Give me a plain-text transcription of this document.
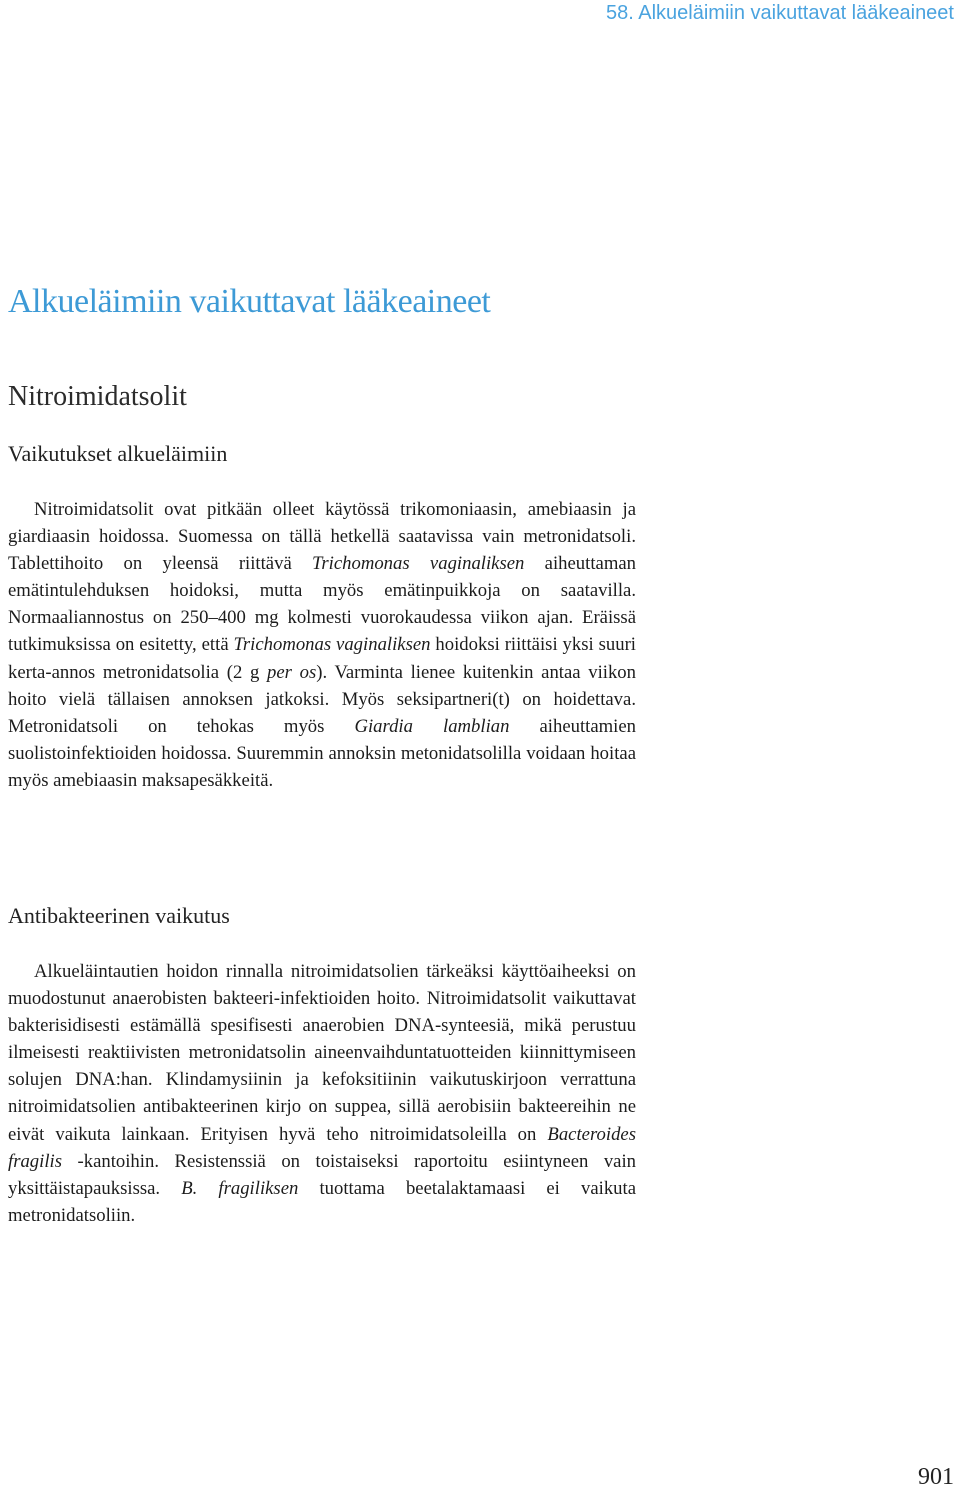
58. Alkueläimiin vaikuttavat lääkeaineet
Alkueläimiin vaikuttavat lääkeaineet
Nitroimidatsolit
Vaikutukset alkueläimiin

Nitroimidatsolit ovat pitkään olleet käytössä trikomoniaasin, amebiaasin ja giardiaasin hoidossa. Suomessa on tällä hetkellä saatavissa vain metronidatsoli. Tablettihoito on yleensä riittävä Trichomonas vaginaliksen aiheuttaman emätintulehduksen hoidoksi, mutta myös emätinpuikkoja on saatavilla. Normaaliannostus on 250–400 mg kolmesti vuorokaudessa viikon ajan. Eräissä tutkimuksissa on esitetty, että Trichomonas vaginaliksen hoidoksi riittäisi yksi suuri kerta-annos metronidatsolia (2 g per os). Varminta lienee kuitenkin antaa viikon hoito vielä tällaisen annoksen jatkoksi. Myös seksipartneri(t) on hoidettava. Metronidatsoli on tehokas myös Giardia lamblian aiheuttamien suolistoinfektioiden hoidossa. Suuremmin annoksin metonidatsolilla voidaan hoitaa myös amebiaasin maksapesäkkeitä.

Antibakteerinen vaikutus

Alkueläintautien hoidon rinnalla nitroimidatsolien tärkeäksi käyttöaiheeksi on muodostunut anaerobisten bakteeri-infektioiden hoito. Nitroimidatsolit vaikuttavat bakterisidisesti estämällä spesifisesti anaerobien DNA-synteesiä, mikä perustuu ilmeisesti reaktiivisten metronidatsolin aineenvaihduntatuotteiden kiinnittymiseen solujen DNA:han. Klindamysiinin ja kefoksitiinin vaikutuskirjoon verrattuna nitroimidatsolien antibakteerinen kirjo on suppea, sillä aerobisiin bakteereihin ne eivät vaikuta lainkaan. Erityisen hyvä teho nitroimidatsoleilla on Bacteroides fragilis -kantoihin. Resistenssiä on toistaiseksi raportoitu esiintyneen vain yksittäistapauksissa. B. fragiliksen tuottama beetalaktamaasi ei vaikuta metronidatsoliin.

901
